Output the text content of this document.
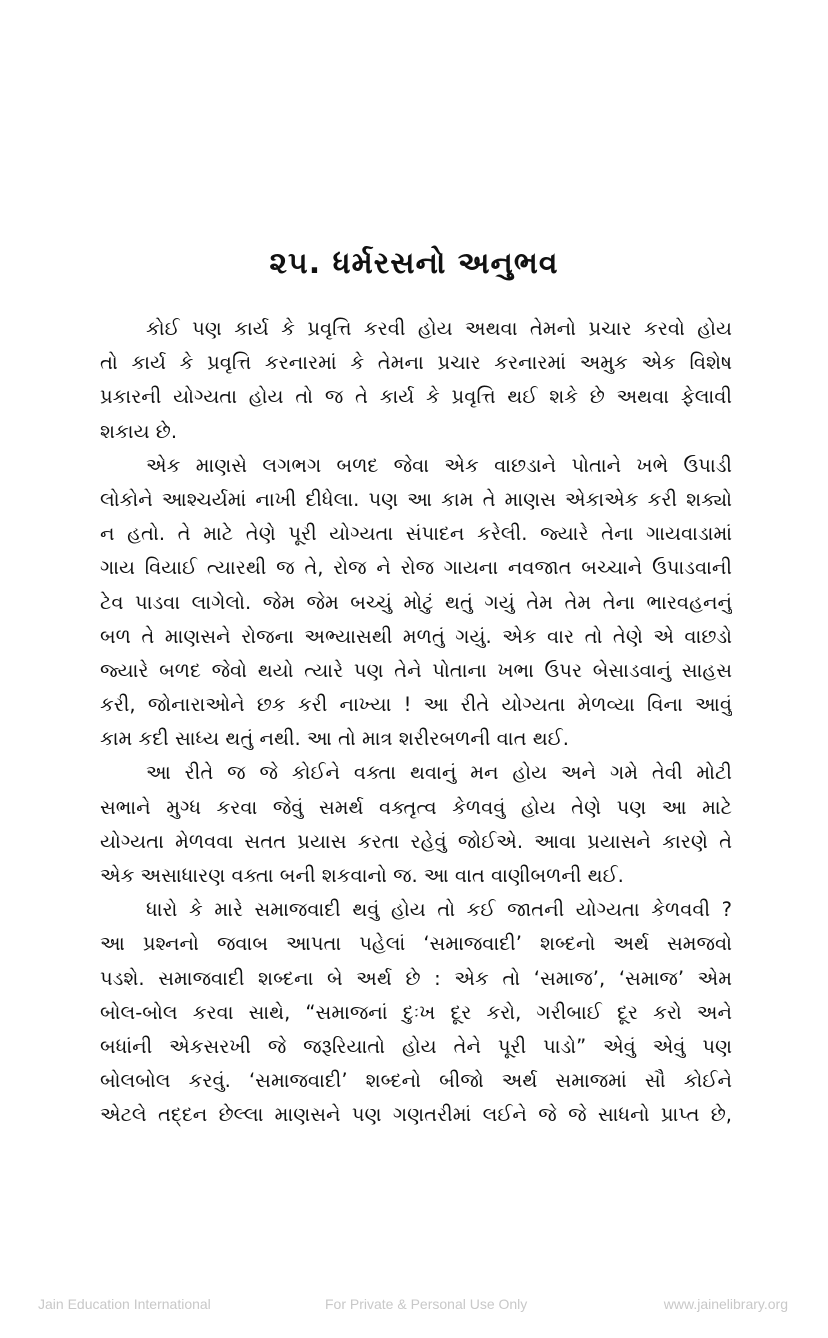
૨૫. ધર્મરસનો અનુભવ
કોઈ પણ કાર્ય કે પ્રવૃત્તિ કરવી હોય અથવા તેમનો પ્રચાર કરવો હોય
તો કાર્ય કે પ્રવૃત્તિ કરનારમાં કે તેમના પ્રચાર કરનારમાં અમુક એક વિશેષ
પ્રકારની યોગ્યતા હોય તો જ તે કાર્ય કે પ્રવૃત્તિ થઈ શકે છે અથવા ફેલાવી
શકાય છે.
એક માણસે લગભગ બળદ જેવા એક વાછડાને પોતાને ખભે ઉપાડી
લોકોને આશ્ચર્યમાં નાખી દીધેલા. પણ આ કામ તે માણસ એકાએક કરી શક્યો
ન હતો. તે માટે તેણે પૂરી યોગ્યતા સંપાદન કરેલી. જ્યારે તેના ગાયવાડામાં
ગાય વિયાઈ ત્યારથી જ તે, રોજ ને રોજ ગાયના નવજાત બચ્ચાને ઉપાડવાની
ટેવ પાડવા લાગેલો. જેમ જેમ બચ્ચું મોટું થતું ગયું તેમ તેમ તેના ભારવહનનું
બળ તે માણસને રોજના અભ્યાસથી મળતું ગયું. એક વાર તો તેણે એ વાછડો
જ્યારે બળદ જેવો થયો ત્યારે પણ તેને પોતાના ખભા ઉપર બેસાડવાનું સાહસ
કરી, જોનારાઓને છક કરી નાખ્યા ! આ રીતે યોગ્યતા મેળવ્યા વિના આવું
કામ કદી સાધ્ય થતું નથી. આ તો માત્ર શરીરબળની વાત થઈ.
આ રીતે જ જે કોઈને વક્તા થવાનું મન હોય અને ગમે તેવી મોટી
સભાને મુગ્ધ કરવા જેવું સમર્થ વક્તૃત્વ કેળવવું હોય તેણે પણ આ માટે
યોગ્યતા મેળવવા સતત પ્રયાસ કરતા રહેવું જોઈએ. આવા પ્રયાસને કારણે તે
એક અસાધારણ વક્તા બની શકવાનો જ. આ વાત વાણીબળની થઈ.
ધારો કે મારે સમાજવાદી થવું હોય તો કઈ જાતની યોગ્યતા કેળવવી ?
આ પ્રશ્નનો જવાબ આપતા પહેલાં ‘સમાજવાદી’ શબ્દનો અર્થ સમજવો
પડશે. સમાજવાદી શબ્દના બે અર્થ છે : એક તો ‘સમાજ’, ‘સમાજ’ એમ
બોલ-બોલ કરવા સાથે, “સમાજનાં દુઃખ દૂર કરો, ગરીબાઈ દૂર કરો અને
બધાંની એકસરખી જે જરૂરિયાતો હોય તેને પૂરી પાડો” એવું એવું પણ
બોલબોલ કરવું. ‘સમાજવાદી’ શબ્દનો બીજો અર્થ સમાજમાં સૌ કોઈને
એટલે તદ્દન છેલ્લા માણસને પણ ગણતરીમાં લઈને જે જે સાધનો પ્રાપ્ત છે,
Jain Education International	For Private & Personal Use Only	www.jainelibrary.org
